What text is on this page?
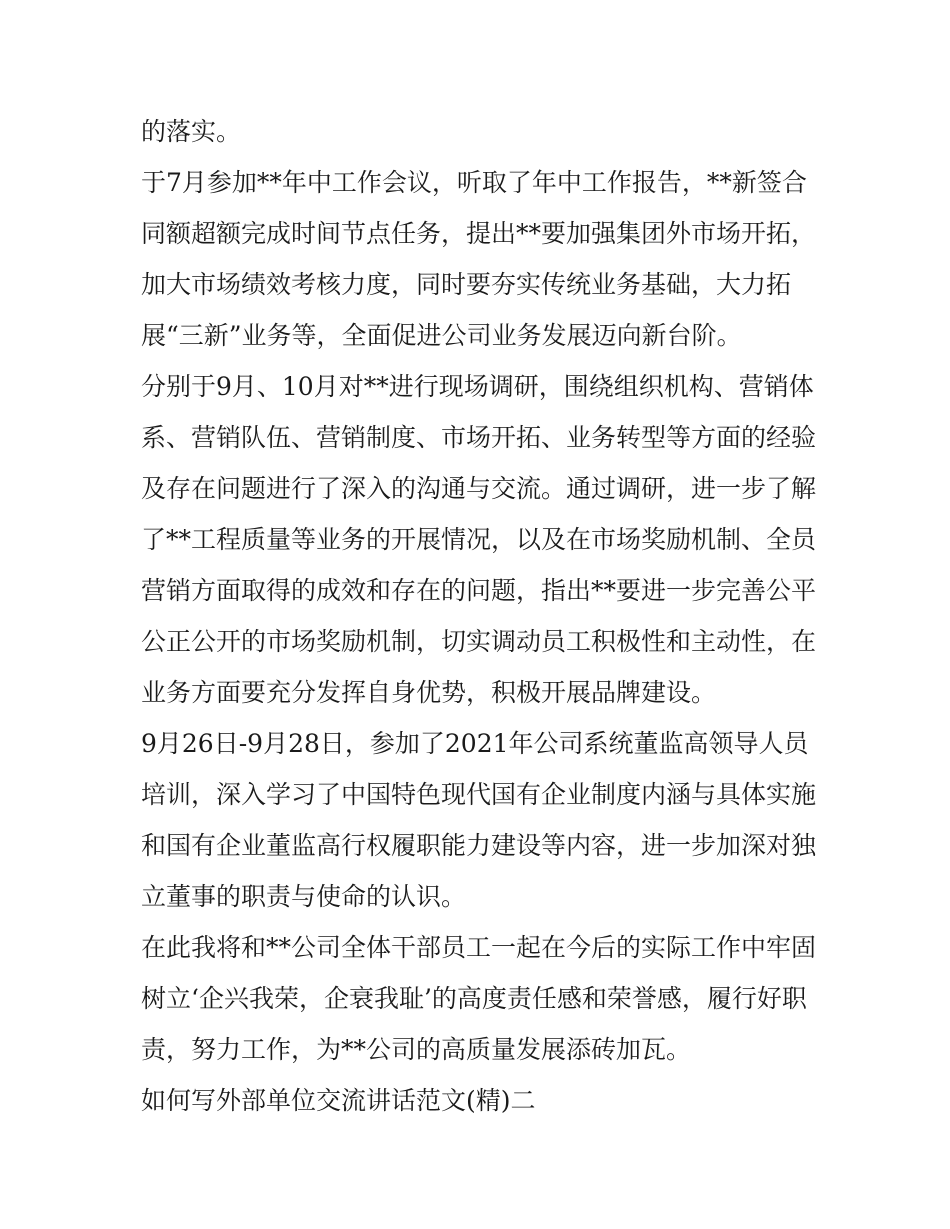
的落实。
于7月参加**年中工作会议，听取了年中工作报告，**新签合
同额超额完成时间节点任务，提出**要加强集团外市场开拓，
加大市场绩效考核力度，同时要夯实传统业务基础，大力拓
展“三新”业务等，全面促进公司业务发展迈向新台阶。
分别于9月、10月对**进行现场调研，围绕组织机构、营销体
系、营销队伍、营销制度、市场开拓、业务转型等方面的经验
及存在问题进行了深入的沟通与交流。通过调研，进一步了解
了**工程质量等业务的开展情况，以及在市场奖励机制、全员
营销方面取得的成效和存在的问题，指出**要进一步完善公平
公正公开的市场奖励机制，切实调动员工积极性和主动性，在
业务方面要充分发挥自身优势，积极开展品牌建设。
9月26日-9月28日，参加了2021年公司系统董监高领导人员
培训，深入学习了中国特色现代国有企业制度内涵与具体实施
和国有企业董监高行权履职能力建设等内容，进一步加深对独
立董事的职责与使命的认识。
在此我将和**公司全体干部员工一起在今后的实际工作中牢固
树立‘企兴我荣，企衰我耻’的高度责任感和荣誉感，履行好职
责，努力工作，为**公司的高质量发展添砖加瓦。
如何写外部单位交流讲话范文(精)二
